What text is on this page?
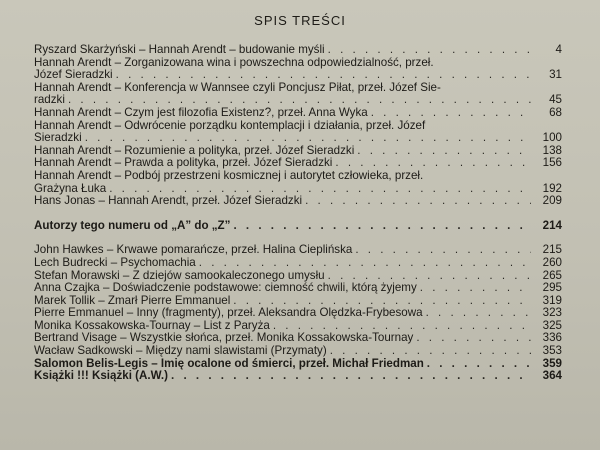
SPIS TREŚCI
Ryszard Skarżyński – Hannah Arendt – budowanie myśli . . .	4
Hannah Arendt – Zorganizowana wina i powszechna odpowiedzialność, przeł.
Józef Sieradzki . . .	31
Hannah Arendt – Konferencja w Wannsee czyli Poncjusz Piłat, przeł. Józef Sie-
radzki . . .	45
Hannah Arendt – Czym jest filozofia Existenz?, przeł. Anna Wyka . . .	68
Hannah Arendt – Odwrócenie porządku kontemplacji i działania, przeł. Józef
Sieradzki . . .	100
Hannah Arendt – Rozumienie a polityka, przeł. Józef Sieradzki . . .	138
Hannah Arendt – Prawda a polityka, przeł. Józef Sieradzki . . .	156
Hannah Arendt – Podbój przestrzeni kosmicznej i autorytet człowieka, przeł.
Grażyna Łuka . . .	192
Hans Jonas – Hannah Arendt, przeł. Józef Sieradzki . . .	209
Autorzy tego numeru od „A” do „Z” . . .	214
John Hawkes – Krwawe pomarańcze, przeł. Halina Cieplińska . . .	215
Lech Budrecki – Psychomachia . . .	260
Stefan Morawski – Z dziejów samookaleczonego umysłu . . .	265
Anna Czajka – Doświadczenie podstawowe: ciemność chwili, którą żyjemy . . .	295
Marek Tollik – Zmarł Pierre Emmanuel . . .	319
Pierre Emmanuel – Inny (fragmenty), przeł. Aleksandra Olędzka-Frybesowa . . .	323
Monika Kossakowska-Tournay – List z Paryża . . .	325
Bertrand Visage – Wszystkie słońca, przeł. Monika Kossakowska-Tournay . . .	336
Wacław Sadkowski – Między nami slawistami (Przymaty) . . .	353
Salomon Belis-Legis – Imię ocalone od śmierci, przeł. Michał Friedman . . .	359
Książki !!! Książki (A.W.) . . .	364
